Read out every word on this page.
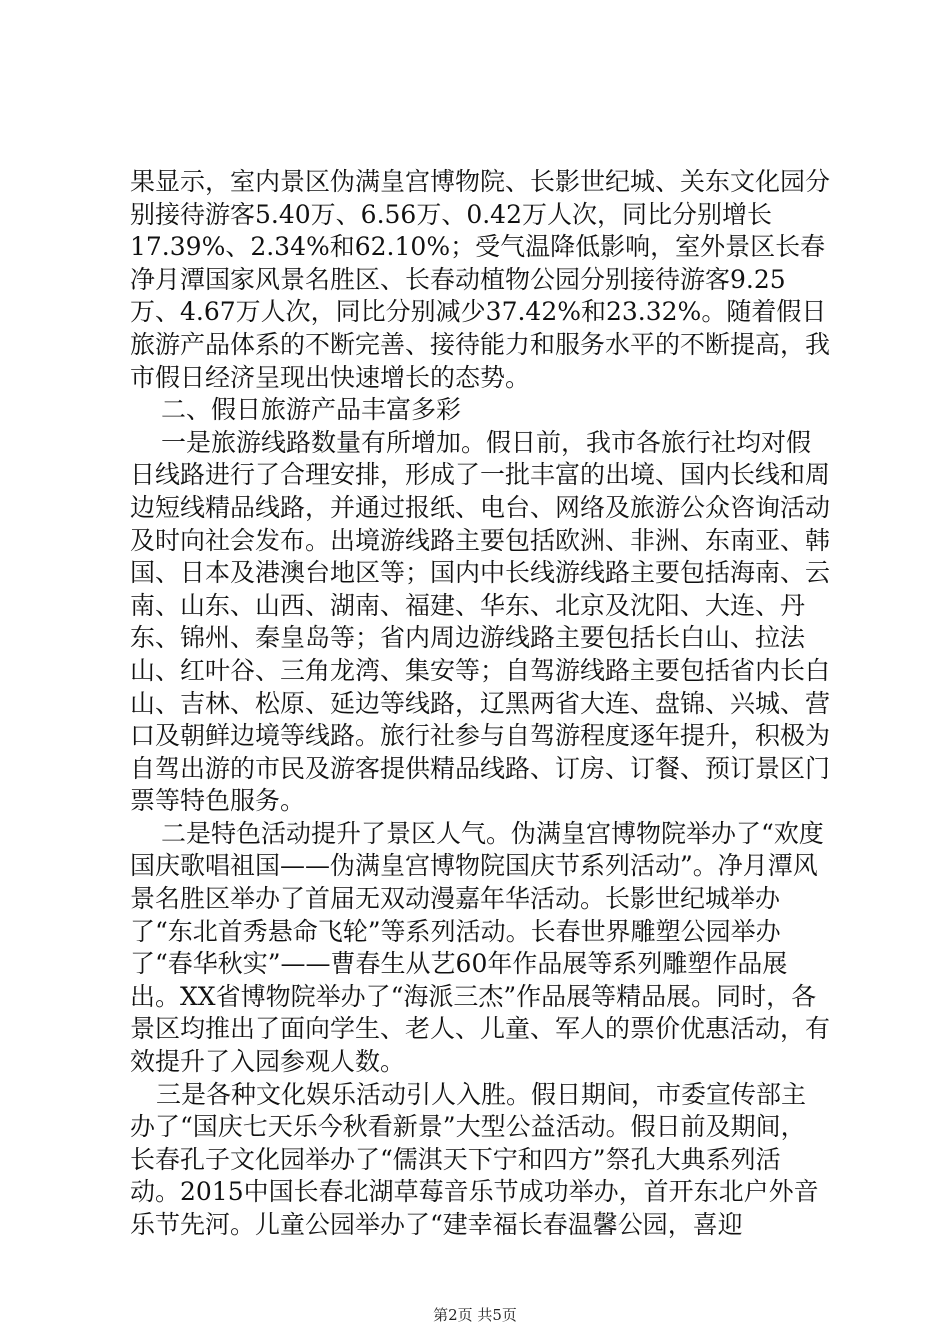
果显示，室内景区伪满皇宫博物院、长影世纪城、关东文化园分别接待游客5.40万、6.56万、0.42万人次，同比分别增长17.39%、2.34%和62.10%；受气温降低影响，室外景区长春净月潭国家风景名胜区、长春动植物公园分别接待游客9.25万、4.67万人次，同比分别减少37.42%和23.32%。随着假日旅游产品体系的不断完善、接待能力和服务水平的不断提高，我市假日经济呈现出快速增长的态势。

二、假日旅游产品丰富多彩

一是旅游线路数量有所增加。假日前，我市各旅行社均对假日线路进行了合理安排，形成了一批丰富的出境、国内长线和周边短线精品线路，并通过报纸、电台、网络及旅游公众咨询活动及时向社会发布。出境游线路主要包括欧洲、非洲、东南亚、韩国、日本及港澳台地区等；国内中长线游线路主要包括海南、云南、山东、山西、湖南、福建、华东、北京及沈阳、大连、丹东、锦州、秦皇岛等；省内周边游线路主要包括长白山、拉法山、红叶谷、三角龙湾、集安等；自驾游线路主要包括省内长白山、吉林、松原、延边等线路，辽黑两省大连、盘锦、兴城、营口及朝鲜边境等线路。旅行社参与自驾游程度逐年提升，积极为自驾出游的市民及游客提供精品线路、订房、订餐、预订景区门票等特色服务。

二是特色活动提升了景区人气。伪满皇宫博物院举办了“欢度国庆歌唱祖国——伪满皇宫博物院国庆节系列活动”。净月潭风景名胜区举办了首届无双动漫嘉年华活动。长影世纪城举办了“东北首秀悬命飞轮”等系列活动。长春世界雕塑公园举办了“春华秋实”——曹春生从艺60年作品展等系列雕塑作品展出。XX省博物院举办了“海派三杰”作品展等精品展。同时，各景区均推出了面向学生、老人、儿童、军人的票价优惠活动，有效提升了入园参观人数。

三是各种文化娱乐活动引人入胜。假日期间，市委宣传部主办了“国庆七天乐今秋看新景”大型公益活动。假日前及期间，长春孔子文化园举办了“儒淇天下宁和四方”祭孔大典系列活动。2015中国长春北湖草莓音乐节成功举办，首开东北户外音乐节先河。儿童公园举办了“建幸福长春温馨公园，喜迎

第2页 共5页
